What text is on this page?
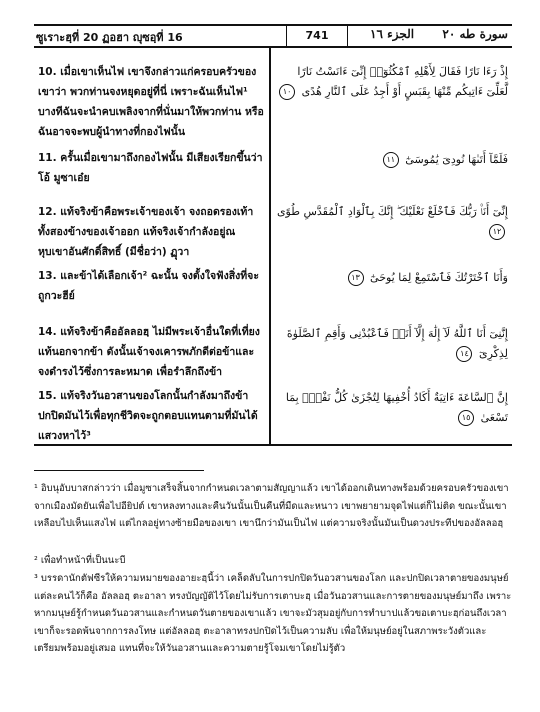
ซูเราะฮฺที่ 20 ฏอฮา ญุซอฺที่ 16	741	الجزء ١٦ سورة طه ٢٠
10. เมื่อเขาเห็นไฟ เขาจึงกล่าวแก่ครอบครัวของเขาว่า พวกท่านจงหยุดอยู่ที่นี่ เพราะฉันเห็นไฟ¹ บางทีฉันจะนำคบเพลิงจากที่นั่นมาให้พวกท่าน หรือฉันอาจจะพบผู้นำทางที่กองไฟนั้น
إِذْ رَءَا نَارًا فَقَالَ لِأَهْلِهِ ٱمْكُثُوٓا۟ إِنِّىٓ ءَانَسْتُ نَارًا لَّعَلِّىٓ ءَاتِيكُم مِّنْهَا بِقَبَسٍ أَوْ أَجِدُ عَلَى ٱلنَّارِ هُدًى ١٠
11. ครั้นเมื่อเขามาถึงกองไฟนั้น มีเสียงเรียกขึ้นว่า โอ้ มูซาเอ๋ย
فَلَمَّآ أَتَىٰهَا نُودِىَ يَٰمُوسَىٰٓ ١١
12. แท้จริงข้าคือพระเจ้าของเจ้า จงถอดรองเท้าทั้งสองข้างของเจ้าออก แท้จริงเจ้ากำลังอยู่ณ หุบเขาอันศักดิ์สิทธิ์ (มีชื่อว่า) ฏุวา
إِنِّىٓ أَنَا۠ رَبُّكَ فَٱخْلَعْ نَعْلَيْكَ ۖ إِنَّكَ بِٱلْوَادِ ٱلْمُقَدَّسِ طُوًى ١٢
13. และข้าได้เลือกเจ้า² ฉะนั้น จงตั้งใจฟังสิ่งที่จะถูกวะฮีย์
وَأَنَا ٱخْتَرْتُكَ فَٱسْتَمِعْ لِمَا يُوحَىٰٓ ١٣
14. แท้จริงข้าคืออัลลอฮฺ ไม่มีพระเจ้าอื่นใดที่เที่ยงแท้นอกจากข้า ดังนั้นเจ้าจงเคารพภักดีต่อข้าและจงดำรงไว้ซึ่งการละหมาด เพื่อรำลึกถึงข้า
إِنَّنِىٓ أَنَا ٱللَّهُ لَآ إِلَٰهَ إِلَّآ أَنَا۠ فَٱعْبُدْنِى وَأَقِمِ ٱلصَّلَوٰةَ لِذِكْرِىٓ ١٤
15. แท้จริงวันอวสานของโลกนั้นกำลังมาถึงข้าปกปิดมันไว้เพื่อทุกชีวิตจะถูกตอบแทนตามที่มันได้แสวงหาไว้³
إِنَّ ٱلسَّاعَةَ ءَاتِيَةٌ أَكَادُ أُخْفِيهَا لِتُجْزَىٰ كُلُّ نَفْسٍۭ بِمَا تَسْعَىٰ ١٥
¹ อิบนุอับบาสกล่าวว่า เมื่อมูซาเสร็จสิ้นจากกำหนดเวลาตามสัญญาแล้ว เขาได้ออกเดินทางพร้อมด้วยครอบครัวของเขา จากเมืองมัดยันเพื่อไปอียิปต์ เขาหลงทางและคืนวันนั้นเป็นคืนที่มืดและหนาว เขาพยายามจุดไฟแต่ก็ไม่ติด ขณะนั้นเขาเหลือบไปเห็นแสงไฟ แต่ไกลอยู่ทางซ้ายมือของเขา เขานึกว่ามันเป็นไฟ แต่ความจริงนั้นมันเป็นดวงประทีปของอัลลอฮฺ
² เพื่อทำหน้าที่เป็นนะบี
³ บรรดานักตัฟซีรให้ความหมายของอายะฮฺนี้ว่า เคล็ดลับในการปกปิดวันอวสานของโลก และปกปิดเวลาตายของมนุษย์แต่ละคนไว้ก็คือ อัลลอฮฺ ตะอาลา ทรงบัญญัติไว้โดยไม่รับการเตาบะฮฺ เมื่อวันอวสานและการตายของมนุษย์มาถึง เพราะหากมนุษย์รู้กำหนดวันอวสานและกำหนดวันตายของเขาแล้ว เขาจะมัวสุมอยู่กับการทำบาปแล้วขอเตาบะฮฺก่อนถึงเวลา เขาก็จะรอดพ้นจากการลงโทษ แต่อัลลอฮฺ ตะอาลาทรงปกปิดไว้เป็นความลับ เพื่อให้มนุษย์อยู่ในสภาพระวังตัวและเตรียมพร้อมอยู่เสมอ แทนที่จะให้วันอวสานและความตายรู้โจมเขาโดยไม่รู้ตัว
